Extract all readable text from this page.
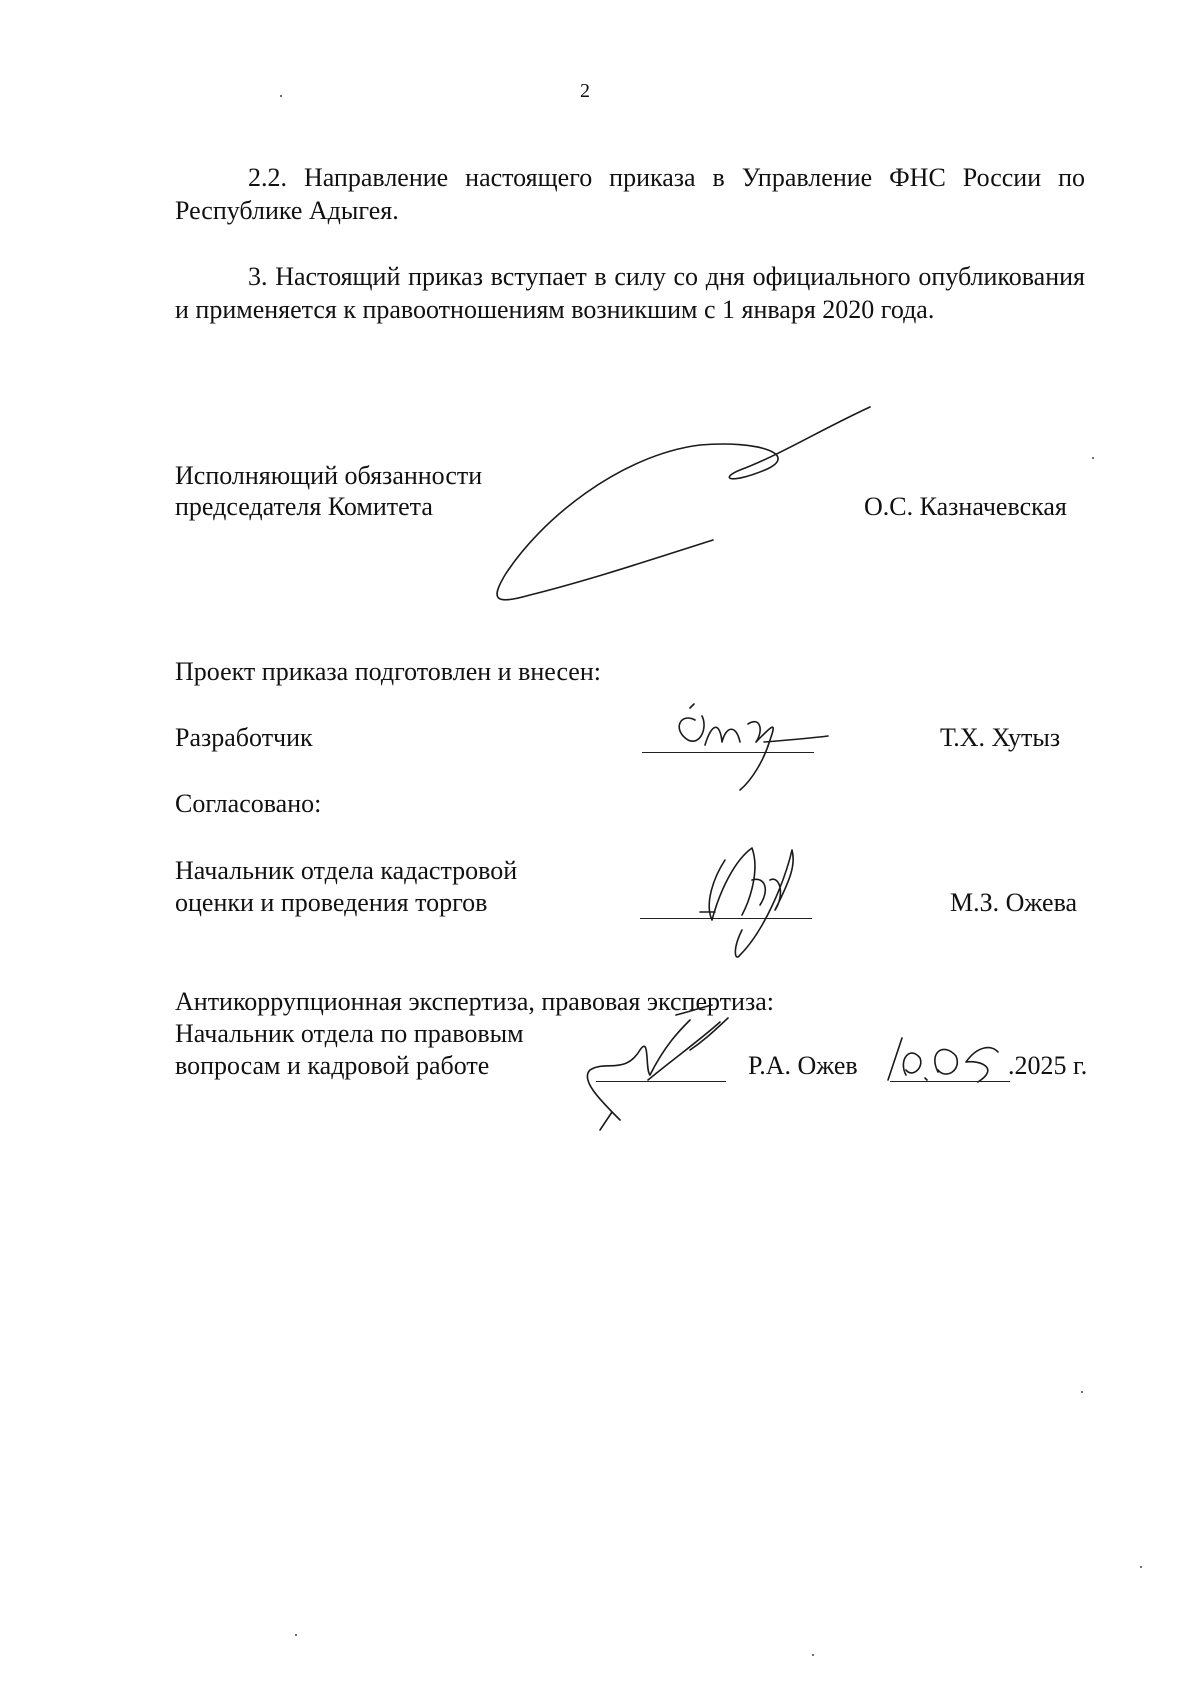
2
2.2. Направление настоящего приказа в Управление ФНС России по Республике Адыгея.
3. Настоящий приказ вступает в силу со дня официального опубликования и применяется к правоотношениям возникшим с 1 января 2020 года.
Исполняющий обязанности
председателя Комитета	О.С. Казначевская
Проект приказа подготовлен и внесен:
Разработчик	Т.Х. Хутыз
Согласовано:
Начальник отдела кадастровой
оценки и проведения торгов	М.З. Ожева
Антикоррупционная экспертиза, правовая экспертиза:
Начальник отдела по правовым
вопросам и кадровой работе	Р.А. Ожев	.2025 г.
